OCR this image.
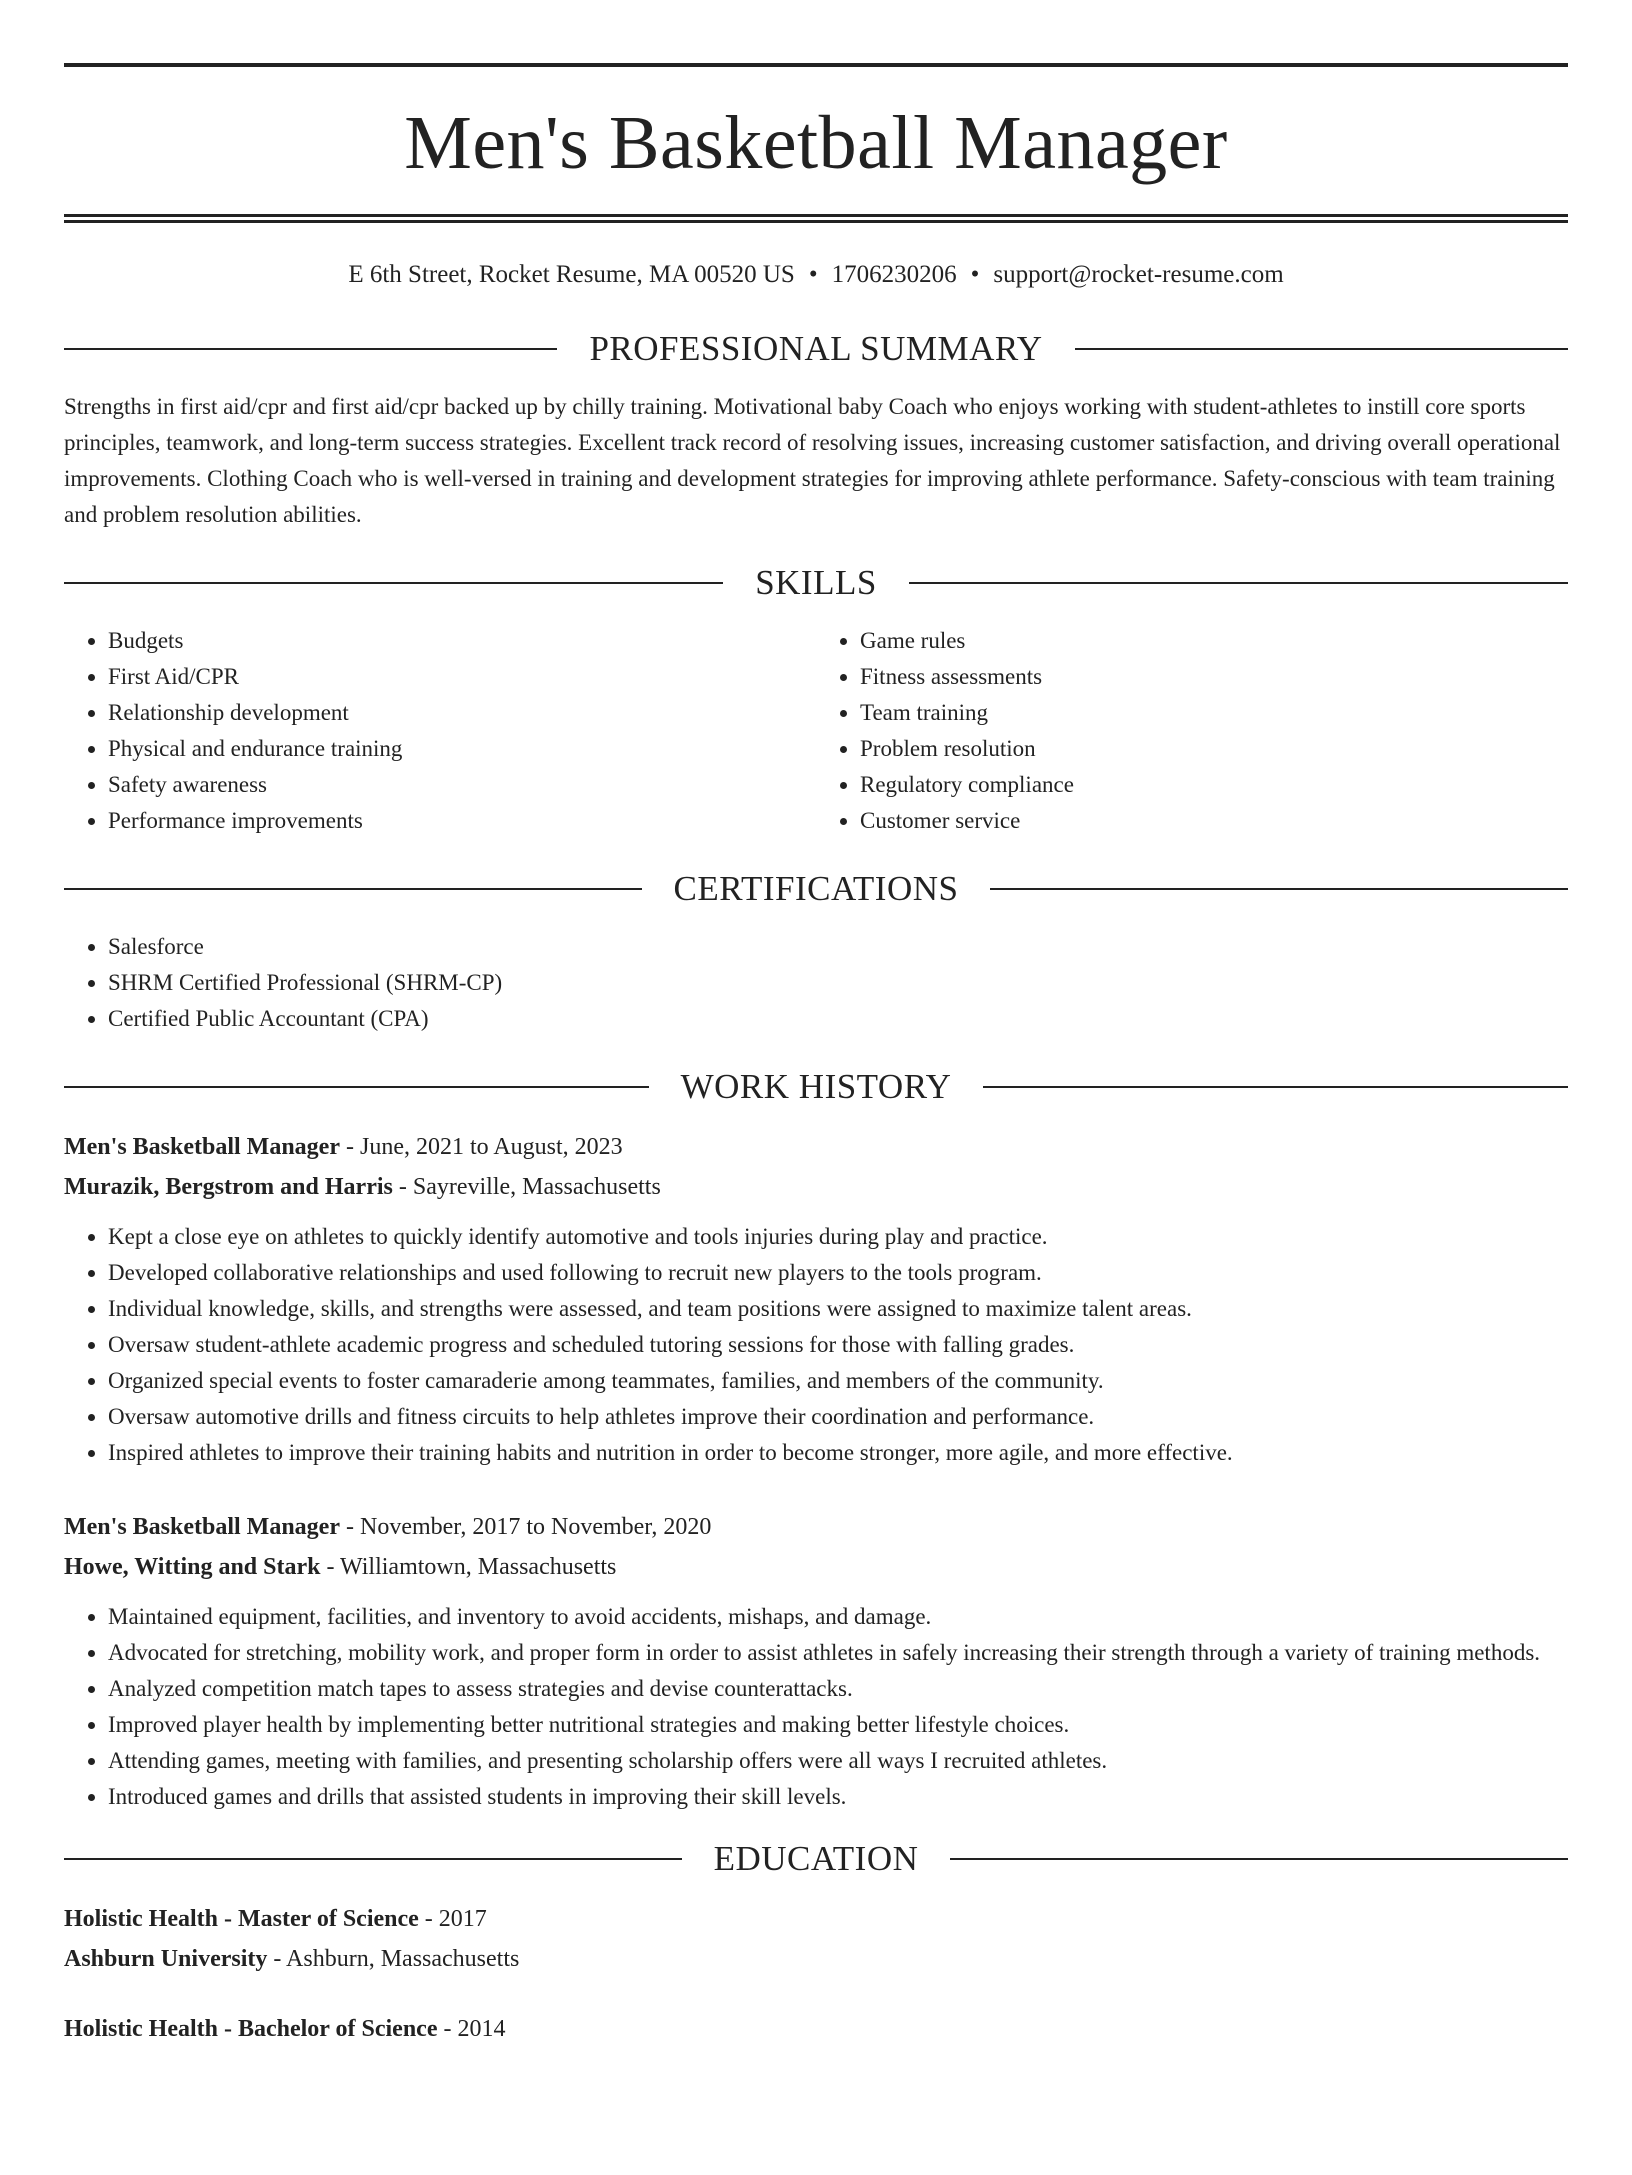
Men's Basketball Manager
E 6th Street, Rocket Resume, MA 00520 US • 1706230206 • support@rocket-resume.com
PROFESSIONAL SUMMARY
Strengths in first aid/cpr and first aid/cpr backed up by chilly training. Motivational baby Coach who enjoys working with student-athletes to instill core sports principles, teamwork, and long-term success strategies. Excellent track record of resolving issues, increasing customer satisfaction, and driving overall operational improvements. Clothing Coach who is well-versed in training and development strategies for improving athlete performance. Safety-conscious with team training and problem resolution abilities.
SKILLS
• Budgets
• First Aid/CPR
• Relationship development
• Physical and endurance training
• Safety awareness
• Performance improvements
• Game rules
• Fitness assessments
• Team training
• Problem resolution
• Regulatory compliance
• Customer service
CERTIFICATIONS
• Salesforce
• SHRM Certified Professional (SHRM-CP)
• Certified Public Accountant (CPA)
WORK HISTORY
Men's Basketball Manager - June, 2021 to August, 2023
Murazik, Bergstrom and Harris - Sayreville, Massachusetts
• Kept a close eye on athletes to quickly identify automotive and tools injuries during play and practice.
• Developed collaborative relationships and used following to recruit new players to the tools program.
• Individual knowledge, skills, and strengths were assessed, and team positions were assigned to maximize talent areas.
• Oversaw student-athlete academic progress and scheduled tutoring sessions for those with falling grades.
• Organized special events to foster camaraderie among teammates, families, and members of the community.
• Oversaw automotive drills and fitness circuits to help athletes improve their coordination and performance.
• Inspired athletes to improve their training habits and nutrition in order to become stronger, more agile, and more effective.
Men's Basketball Manager - November, 2017 to November, 2020
Howe, Witting and Stark - Williamtown, Massachusetts
• Maintained equipment, facilities, and inventory to avoid accidents, mishaps, and damage.
• Advocated for stretching, mobility work, and proper form in order to assist athletes in safely increasing their strength through a variety of training methods.
• Analyzed competition match tapes to assess strategies and devise counterattacks.
• Improved player health by implementing better nutritional strategies and making better lifestyle choices.
• Attending games, meeting with families, and presenting scholarship offers were all ways I recruited athletes.
• Introduced games and drills that assisted students in improving their skill levels.
EDUCATION
Holistic Health - Master of Science - 2017
Ashburn University - Ashburn, Massachusetts
Holistic Health - Bachelor of Science - 2014
